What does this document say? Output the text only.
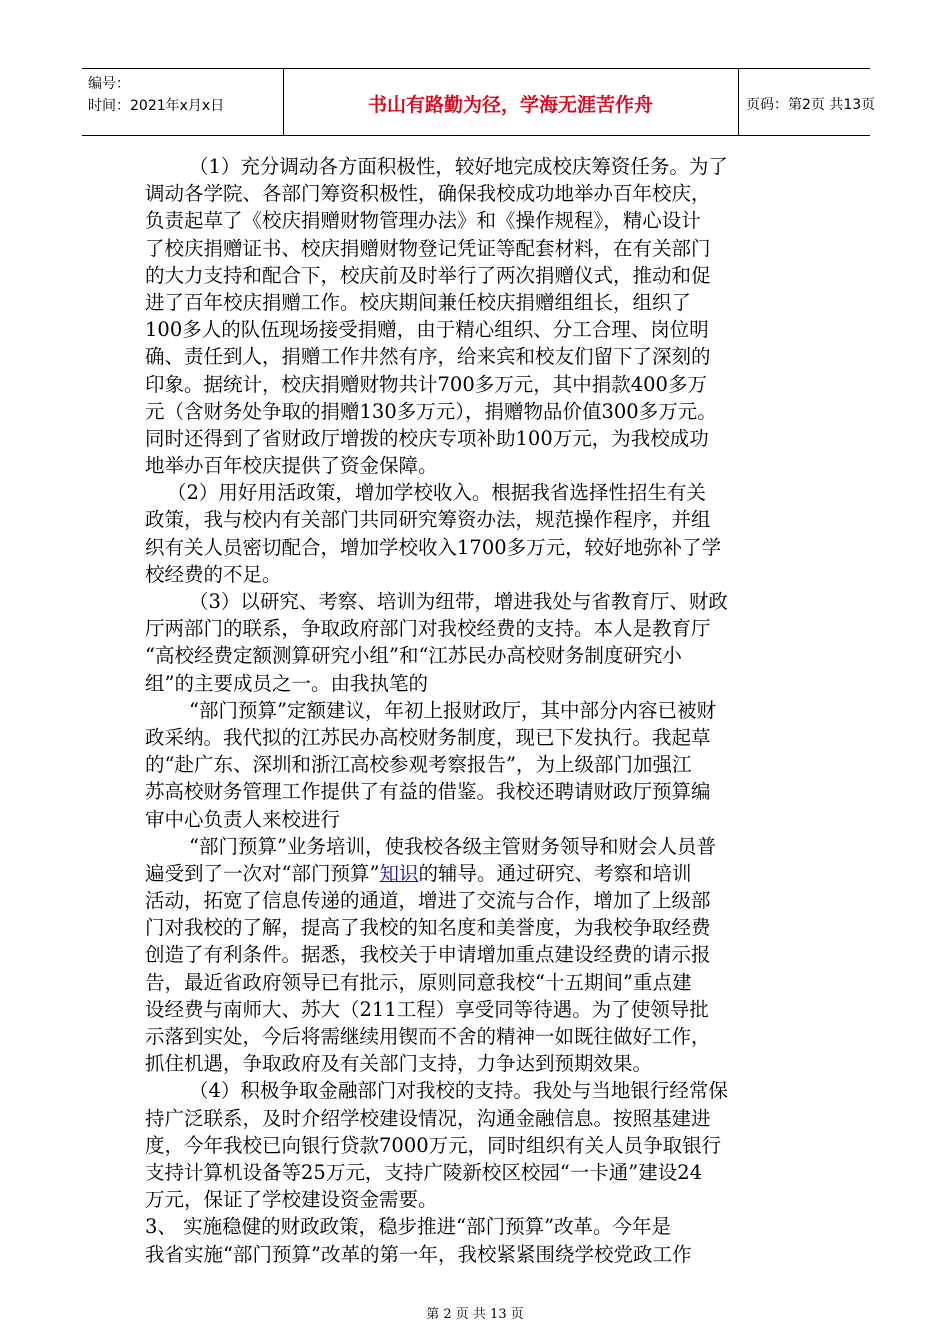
编号：
时间：2021年x月x日	书山有路勤为径，学海无涯苦作舟	页码：第2页 共13页
（1）充分调动各方面积极性，较好地完成校庆筹资任务。为了
调动各学院、各部门筹资积极性，确保我校成功地举办百年校庆，
负责起草了《校庆捐赠财物管理办法》和《操作规程》，精心设计
了校庆捐赠证书、校庆捐赠财物登记凭证等配套材料，在有关部门
的大力支持和配合下，校庆前及时举行了两次捐赠仪式，推动和促
进了百年校庆捐赠工作。校庆期间兼任校庆捐赠组组长，组织了
100多人的队伍现场接受捐赠，由于精心组织、分工合理、岗位明
确、责任到人，捐赠工作井然有序，给来宾和校友们留下了深刻的
印象。据统计，校庆捐赠财物共计700多万元，其中捐款400多万
元（含财务处争取的捐赠130多万元），捐赠物品价值300多万元。
同时还得到了省财政厅增拨的校庆专项补助100万元，为我校成功
地举办百年校庆提供了资金保障。
（2）用好用活政策，增加学校收入。根据我省选择性招生有关
政策，我与校内有关部门共同研究筹资办法，规范操作程序，并组
织有关人员密切配合，增加学校收入1700多万元，较好地弥补了学
校经费的不足。
（3）以研究、考察、培训为纽带，增进我处与省教育厅、财政
厅两部门的联系，争取政府部门对我校经费的支持。本人是教育厅
“高校经费定额测算研究小组”和“江苏民办高校财务制度研究小
组”的主要成员之一。由我执笔的
“部门预算”定额建议，年初上报财政厅，其中部分内容已被财
政采纳。我代拟的江苏民办高校财务制度，现已下发执行。我起草
的“赴广东、深圳和浙江高校参观考察报告”，为上级部门加强江
苏高校财务管理工作提供了有益的借鉴。我校还聘请财政厅预算编
审中心负责人来校进行
“部门预算”业务培训，使我校各级主管财务领导和财会人员普
遍受到了一次对“部门预算”知识的辅导。通过研究、考察和培训
活动，拓宽了信息传递的通道，增进了交流与合作，增加了上级部
门对我校的了解，提高了我校的知名度和美誉度，为我校争取经费
创造了有利条件。据悉，我校关于申请增加重点建设经费的请示报
告，最近省政府领导已有批示，原则同意我校“十五期间”重点建
设经费与南师大、苏大（211工程）享受同等待遇。为了使领导批
示落到实处，今后将需继续用锲而不舍的精神一如既往做好工作，
抓住机遇，争取政府及有关部门支持，力争达到预期效果。
（4）积极争取金融部门对我校的支持。我处与当地银行经常保
持广泛联系，及时介绍学校建设情况，沟通金融信息。按照基建进
度，今年我校已向银行贷款7000万元，同时组织有关人员争取银行
支持计算机设备等25万元，支持广陵新校区校园“一卡通”建设24
万元，保证了学校建设资金需要。
3、 实施稳健的财政政策，稳步推进“部门预算”改革。今年是
我省实施“部门预算”改革的第一年，我校紧紧围绕学校党政工作
第 2 页 共 13 页
